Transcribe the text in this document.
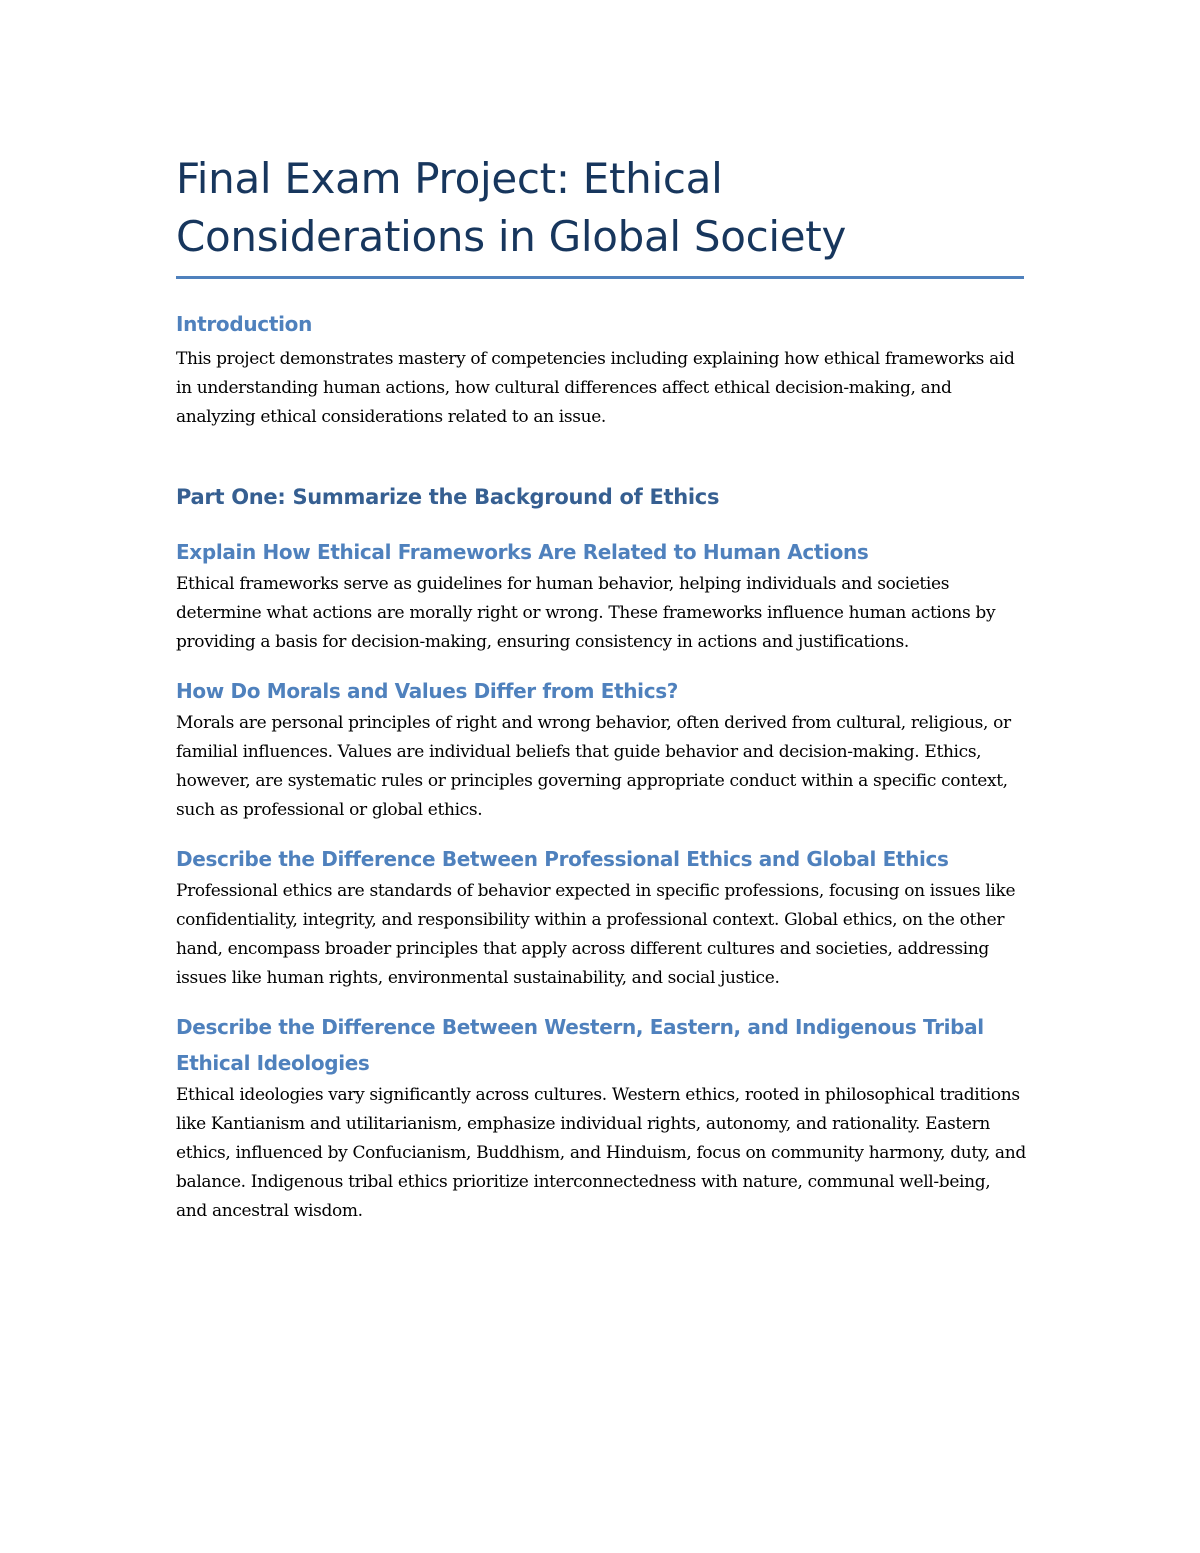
Final Exam Project: Ethical Considerations in Global Society
Introduction

This project demonstrates mastery of competencies including explaining how ethical frameworks aid in understanding human actions, how cultural differences affect ethical decision-making, and analyzing ethical considerations related to an issue.

Part One: Summarize the Background of Ethics
Explain How Ethical Frameworks Are Related to Human Actions

Ethical frameworks serve as guidelines for human behavior, helping individuals and societies determine what actions are morally right or wrong. These frameworks influence human actions by providing a basis for decision-making, ensuring consistency in actions and justifications.

How Do Morals and Values Differ from Ethics?

Morals are personal principles of right and wrong behavior, often derived from cultural, religious, or familial influences. Values are individual beliefs that guide behavior and decision-making. Ethics, however, are systematic rules or principles governing appropriate conduct within a specific context, such as professional or global ethics.

Describe the Difference Between Professional Ethics and Global Ethics

Professional ethics are standards of behavior expected in specific professions, focusing on issues like confidentiality, integrity, and responsibility within a professional context. Global ethics, on the other hand, encompass broader principles that apply across different cultures and societies, addressing issues like human rights, environmental sustainability, and social justice.

Describe the Difference Between Western, Eastern, and Indigenous Tribal Ethical Ideologies

Ethical ideologies vary significantly across cultures. Western ethics, rooted in philosophical traditions like Kantianism and utilitarianism, emphasize individual rights, autonomy, and rationality. Eastern ethics, influenced by Confucianism, Buddhism, and Hinduism, focus on community harmony, duty, and balance. Indigenous tribal ethics prioritize interconnectedness with nature, communal well-being, and ancestral wisdom.
